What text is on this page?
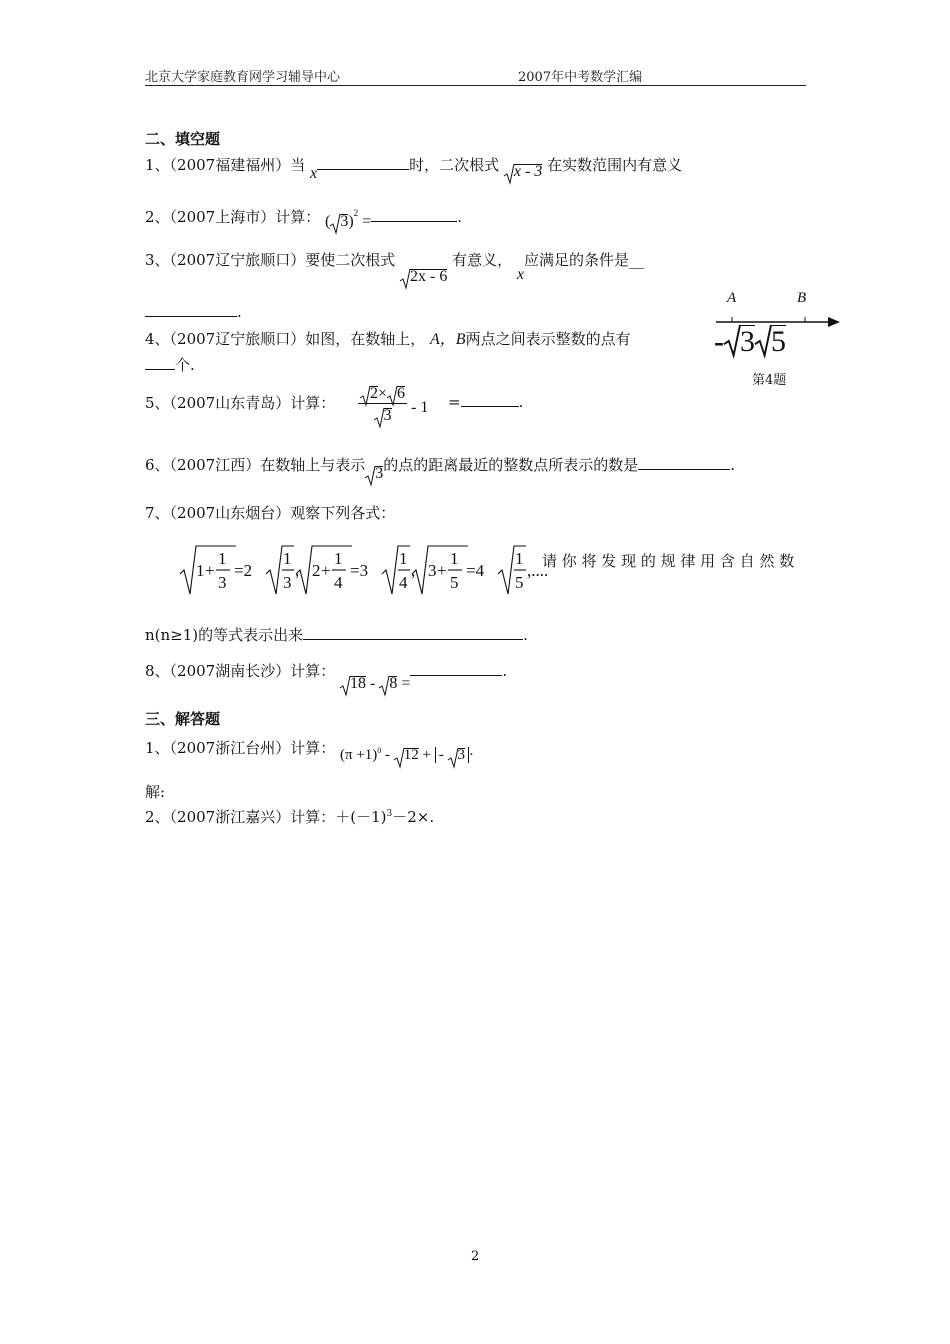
北京大学家庭教育网学习辅导中心	2007年中考数学汇编
二、填空题
1、（2007福建福州）当 x	时，二次根式 x - 3 在实数范围内有意义
2、（2007上海市）计算： ( 3)$^2$ =	.
3、（2007辽宁旅顺口）要使二次根式
2x - 6 有意义， x应满足的条件是__
.
4、（2007辽宁旅顺口）如图，在数轴上， A，B两点之间表示整数的点有
个.
A	B
- 3 5
第4题
5、（2007山东青岛）计算： $\frac{2\times 6}{3} - 1$ =	.
6、（2007江西）在数轴上与表示 3的点的距离最近的整数点所表示的数是	.
7、（2007山东烟台）观察下列各式：
1 +
1
3
=2
1
3
, 2 +
1
4
=3
1
4
, 3 +
1
5
=4
1
5
,....
请 你 将 发 现 的 规 律 用 含 自 然 数
n(n≥1)的等式表示出来	.
8、（2007湖南长沙）计算：
18 - 8 =.
三、解答题
1、（2007浙江台州）计算： $(\pi +1)^0 - 12$ + - 3 ·
解:
2、（2007浙江嘉兴）计算：$+(-1)^3-2\times$.
2
